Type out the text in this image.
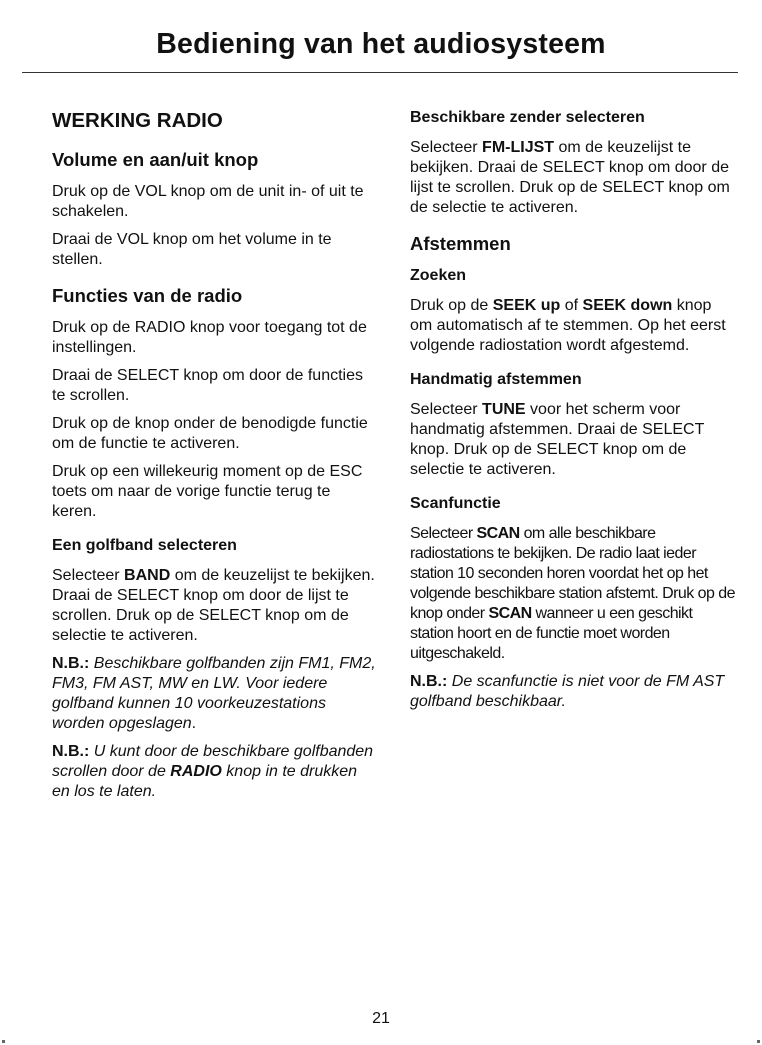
Bediening van het audiosysteem
WERKING RADIO
Volume en aan/uit knop

Druk op de VOL knop om de unit in- of uit te schakelen.

Draai de VOL knop om het volume in te stellen.

Functies van de radio

Druk op de RADIO knop voor toegang tot de instellingen.

Draai de SELECT knop om door de functies te scrollen.

Druk op de knop onder de benodigde functie om de functie te activeren.

Druk op een willekeurig moment op de ESC toets om naar de vorige functie terug te keren.

Een golfband selecteren

Selecteer BAND om de keuzelijst te bekijken. Draai de SELECT knop om door de lijst te scrollen. Druk op de SELECT knop om de selectie te activeren.

N.B.: Beschikbare golfbanden zijn FM1, FM2, FM3, FM AST, MW en LW. Voor iedere golfband kunnen 10 voorkeuzestations worden opgeslagen.

N.B.: U kunt door de beschikbare golfbanden scrollen door de RADIO knop in te drukken en los te laten.

Beschikbare zender selecteren

Selecteer FM-LIJST om de keuzelijst te bekijken. Draai de SELECT knop om door de lijst te scrollen. Druk op de SELECT knop om de selectie te activeren.

Afstemmen
Zoeken

Druk op de SEEK up of SEEK down knop om automatisch af te stemmen. Op het eerst volgende radiostation wordt afgestemd.

Handmatig afstemmen

Selecteer TUNE voor het scherm voor handmatig afstemmen. Draai de SELECT knop. Druk op de SELECT knop om de selectie te activeren.

Scanfunctie

Selecteer SCAN om alle beschikbare radiostations te bekijken. De radio laat ieder station 10 seconden horen voordat het op het volgende beschikbare station afstemt. Druk op de knop onder SCAN wanneer u een geschikt station hoort en de functie moet worden uitgeschakeld.

N.B.: De scanfunctie is niet voor de FM AST golfband beschikbaar.

21
